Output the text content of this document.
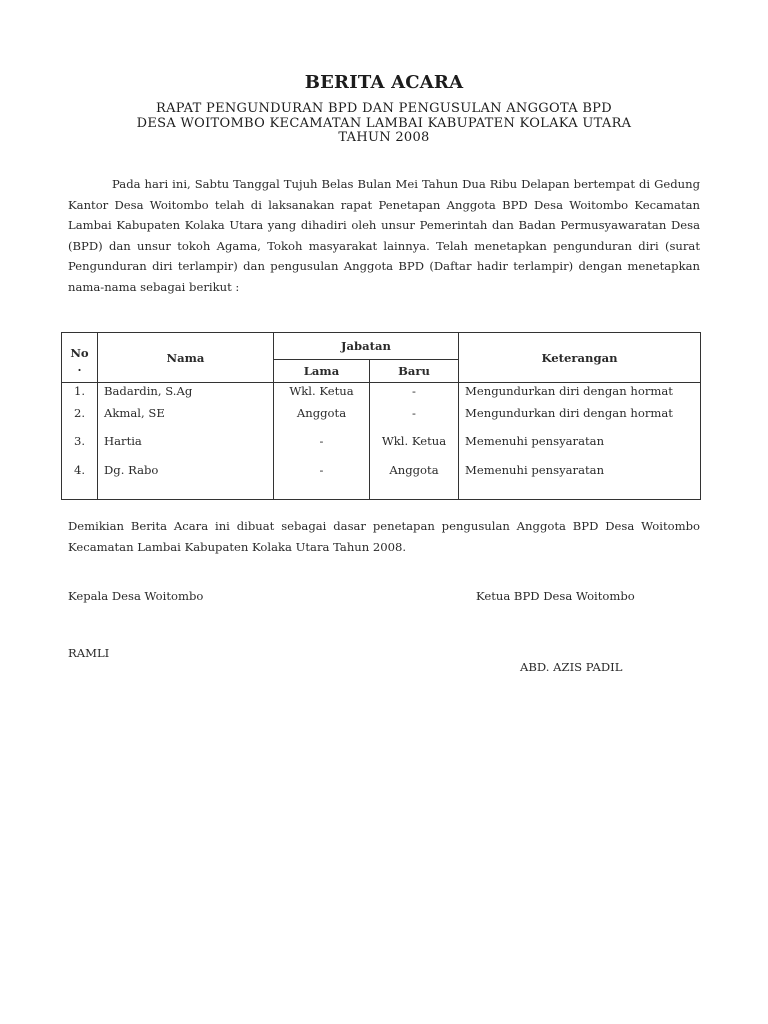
BERITA ACARA
RAPAT PENGUNDURAN BPD DAN PENGUSULAN ANGGOTA BPD
DESA WOITOMBO KECAMATAN LAMBAI KABUPATEN KOLAKA UTARA
TAHUN 2008
Pada hari ini, Sabtu Tanggal Tujuh Belas Bulan Mei Tahun Dua Ribu Delapan bertempat di Gedung Kantor Desa Woitombo telah di laksanakan rapat Penetapan Anggota BPD Desa Woitombo Kecamatan Lambai Kabupaten Kolaka Utara yang dihadiri oleh unsur Pemerintah dan Badan Permusyawaratan Desa (BPD) dan unsur tokoh Agama, Tokoh masyarakat lainnya. Telah menetapkan pengunduran diri (surat Pengunduran diri terlampir) dan pengusulan Anggota BPD (Daftar hadir terlampir) dengan menetapkan nama-nama sebagai berikut :
No
.	Nama	Jabatan		Keterangan
		Lama	Baru	
1.	Badardin, S.Ag	Wkl. Ketua	-	Mengundurkan diri dengan hormat
2.	Akmal, SE	Anggota	-	Mengundurkan diri dengan hormat
3.	Hartia	-	Wkl. Ketua	Memenuhi pensyaratan
4.	Dg. Rabo	-	Anggota	Memenuhi pensyaratan
Demikian Berita Acara ini dibuat sebagai dasar penetapan pengusulan Anggota BPD Desa Woitombo Kecamatan Lambai Kabupaten Kolaka Utara Tahun 2008.
Kepala Desa Woitombo	Ketua BPD Desa Woitombo
RAMLI
ABD. AZIS PADIL
